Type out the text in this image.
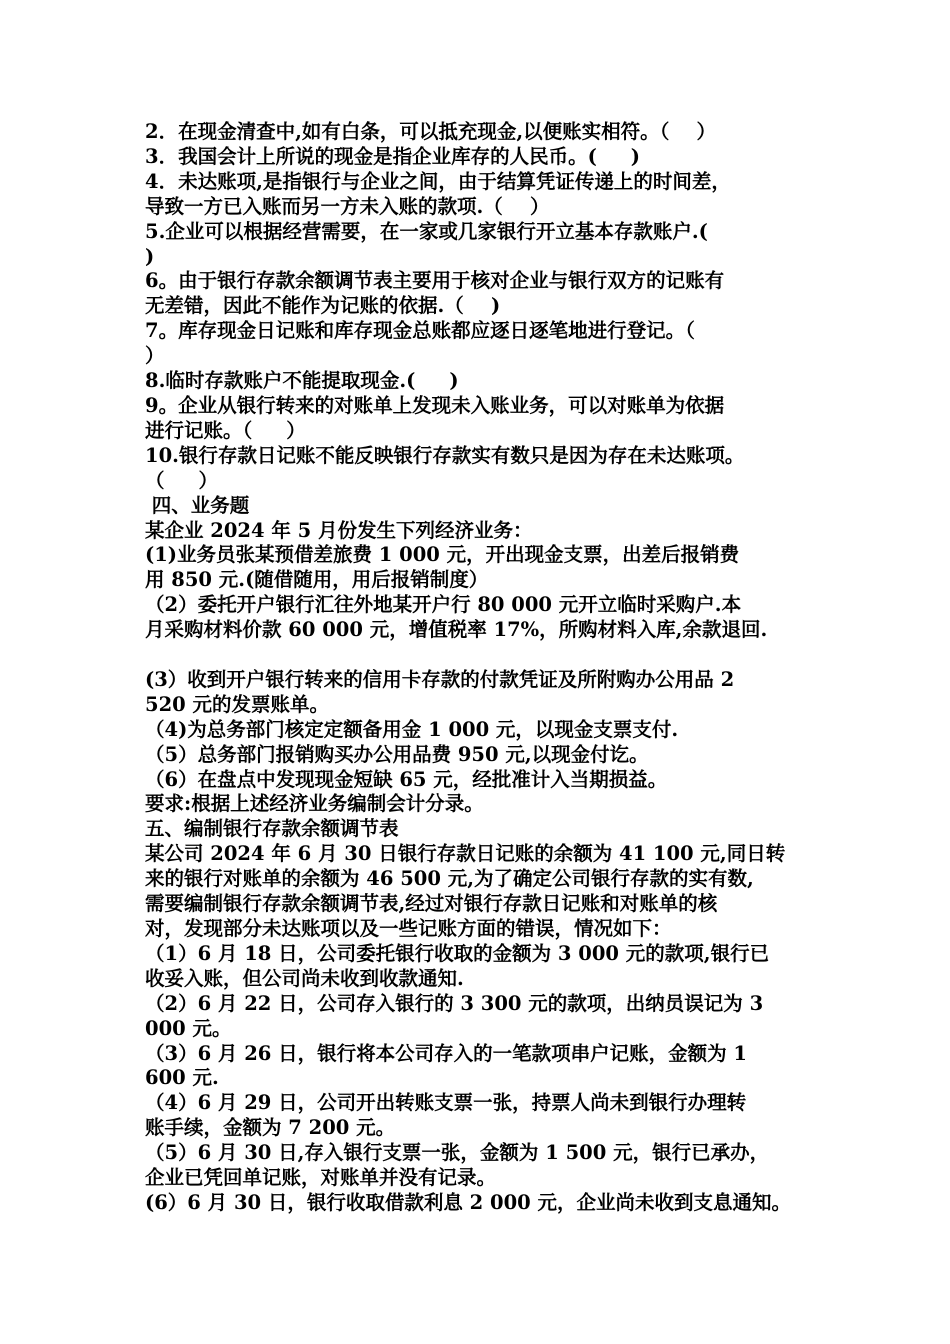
2．在现金清查中,如有白条，可以抵充现金,以便账实相符。（    ）
3．我国会计上所说的现金是指企业库存的人民币。(     )
4．未达账项,是指银行与企业之间，由于结算凭证传递上的时间差，
导致一方已入账而另一方未入账的款项.（    ）
5.企业可以根据经营需要，在一家或几家银行开立基本存款账户.(
)
6。由于银行存款余额调节表主要用于核对企业与银行双方的记账有
无差错，因此不能作为记账的依据.（    )
7。库存现金日记账和库存现金总账都应逐日逐笔地进行登记。（
）
8.临时存款账户不能提取现金.(     )
9。企业从银行转来的对账单上发现未入账业务，可以对账单为依据
进行记账。（     ）
10.银行存款日记账不能反映银行存款实有数只是因为存在未达账项。
（     ）
四、业务题
某企业 2024 年 5 月份发生下列经济业务：
(1)业务员张某预借差旅费 1 000 元，开出现金支票，出差后报销费
用 850 元.(随借随用，用后报销制度）
（2）委托开户银行汇往外地某开户行 80 000 元开立临时采购户.本
月采购材料价款 60 000 元，增值税率 17%，所购材料入库,余款退回.
(3）收到开户银行转来的信用卡存款的付款凭证及所附购办公用品 2
520 元的发票账单。
（4)为总务部门核定定额备用金 1 000 元，以现金支票支付.
（5）总务部门报销购买办公用品费 950 元,以现金付讫。
（6）在盘点中发现现金短缺 65 元，经批准计入当期损益。
要求:根据上述经济业务编制会计分录。
五、编制银行存款余额调节表
某公司 2024 年 6 月 30 日银行存款日记账的余额为 41 100 元,同日转
来的银行对账单的余额为 46 500 元,为了确定公司银行存款的实有数,
需要编制银行存款余额调节表,经过对银行存款日记账和对账单的核
对，发现部分未达账项以及一些记账方面的错误，情况如下：
（1）6 月 18 日，公司委托银行收取的金额为 3 000 元的款项,银行已
收妥入账，但公司尚未收到收款通知.
（2）6 月 22 日，公司存入银行的 3 300 元的款项，出纳员误记为 3
000 元。
（3）6 月 26 日，银行将本公司存入的一笔款项串户记账，金额为 1
600 元.
（4）6 月 29 日，公司开出转账支票一张，持票人尚未到银行办理转
账手续，金额为 7 200 元。
（5）6 月 30 日,存入银行支票一张，金额为 1 500 元，银行已承办，
企业已凭回单记账，对账单并没有记录。
(6）6 月 30 日，银行收取借款利息 2 000 元，企业尚未收到支息通知。
